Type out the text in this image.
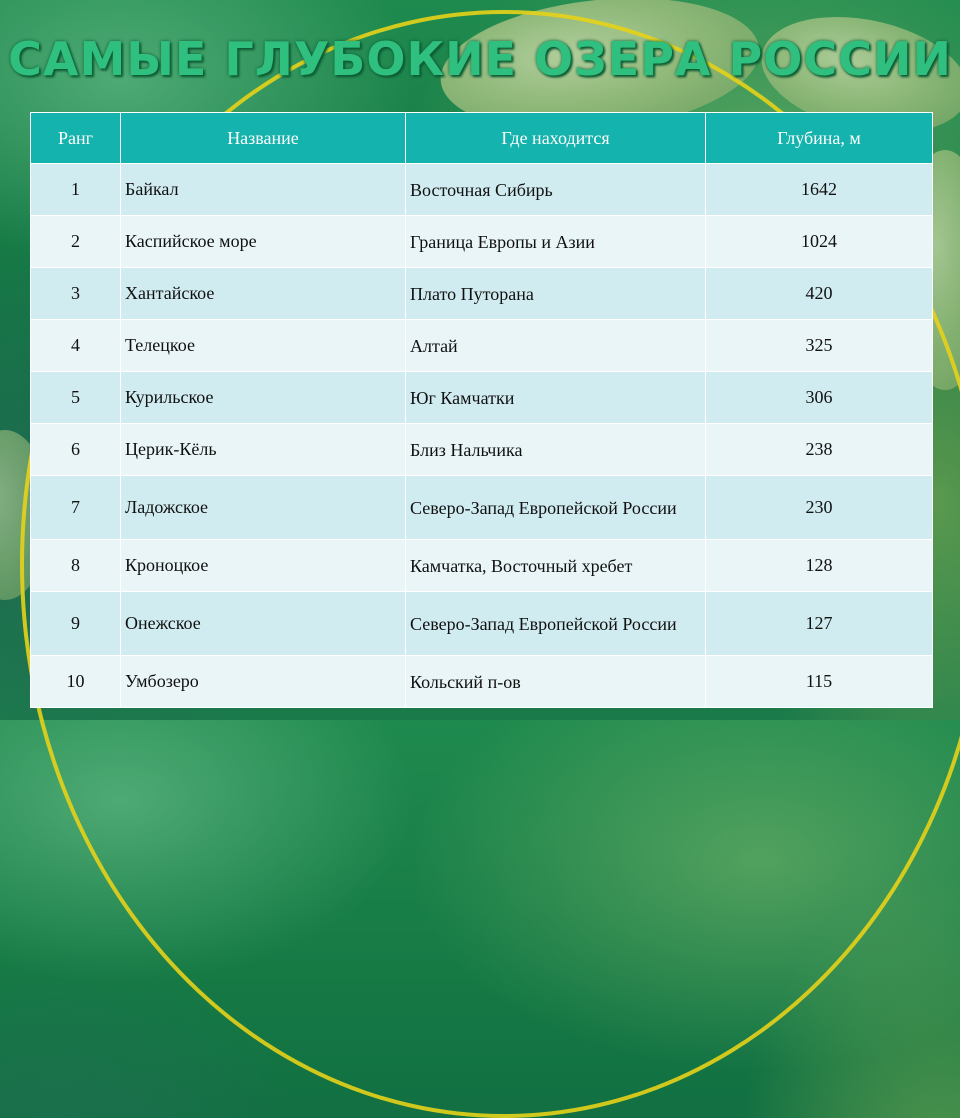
САМЫЕ ГЛУБОКИЕ ОЗЕРА РОССИИ
Ранг	Название	Где находится	Глубина, м
1	Байкал	Восточная Сибирь	1642
2	Каспийское море	Граница Европы и Азии	1024
3	Хантайское	Плато Путорана	420
4	Телецкое	Алтай	325
5	Курильское	Юг Камчатки	306
6	Церик-Кёль	Близ Нальчика	238
7	Ладожское	Северо-Запад Европейской России	230
8	Кроноцкое	Камчатка, Восточный хребет	128
9	Онежское	Северо-Запад Европейской России	127
10	Умбозеро	Кольский п-ов	115
